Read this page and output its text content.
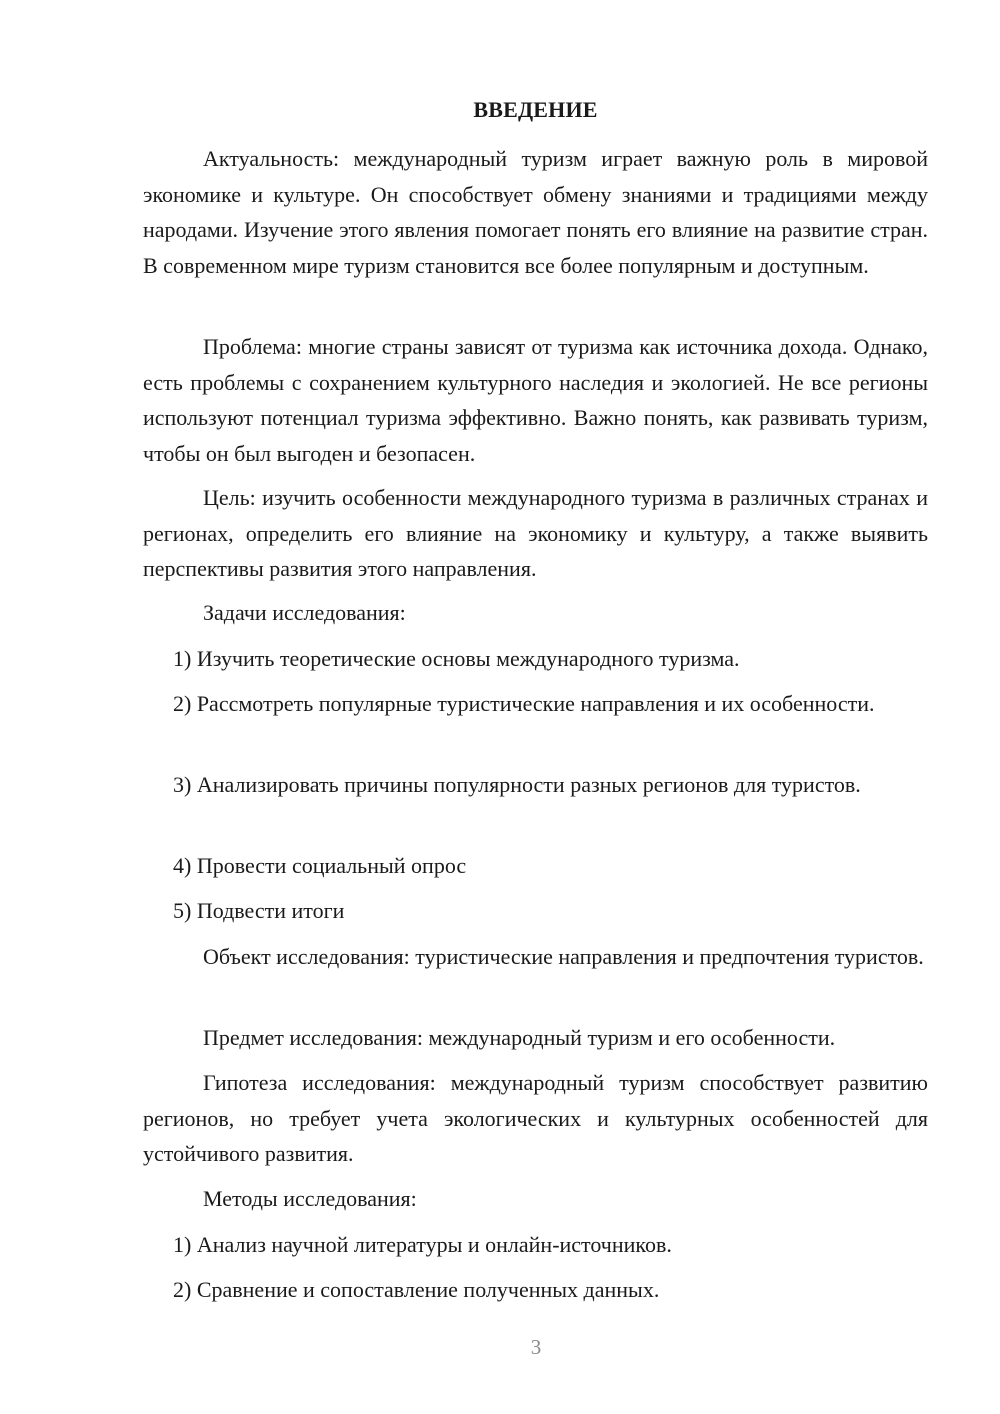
ВВЕДЕНИЕ

Актуальность: международный туризм играет важную роль в мировой экономике и культуре. Он способствует обмену знаниями и традициями между народами. Изучение этого явления помогает понять его влияние на развитие стран. В современном мире туризм становится все более популярным и доступным.

Проблема: многие страны зависят от туризма как источника дохода. Однако, есть проблемы с сохранением культурного наследия и экологией. Не все регионы используют потенциал туризма эффективно. Важно понять, как развивать туризм, чтобы он был выгоден и безопасен.

Цель: изучить особенности международного туризма в различных странах и регионах, определить его влияние на экономику и культуру, а также выявить перспективы развития этого направления.

Задачи исследования:

1) Изучить теоретические основы международного туризма.

2) Рассмотреть популярные туристические направления и их особенности.

3) Анализировать причины популярности разных регионов для туристов.

4) Провести социальный опрос

5) Подвести итоги

Объект исследования: туристические направления и предпочтения туристов.

Предмет исследования: международный туризм и его особенности.

Гипотеза исследования: международный туризм способствует развитию регионов, но требует учета экологических и культурных особенностей для устойчивого развития.

Методы исследования:

1) Анализ научной литературы и онлайн-источников.

2) Сравнение и сопоставление полученных данных.

3
